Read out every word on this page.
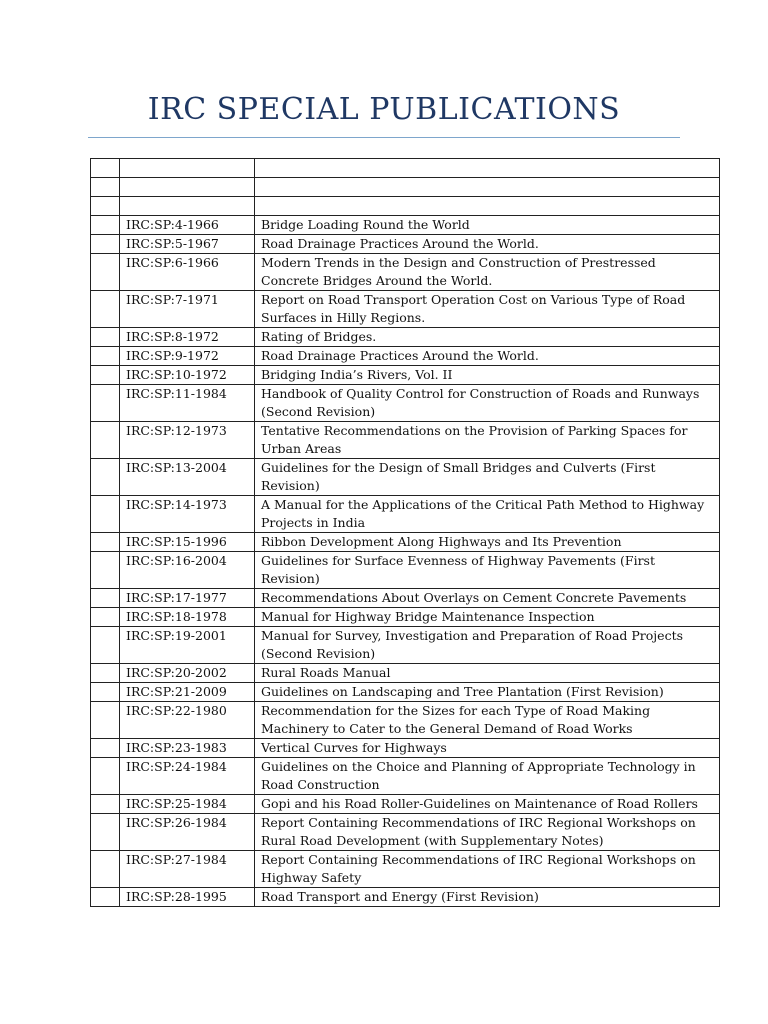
IRC SPECIAL PUBLICATIONS

	IRC:SP:4-1966	Bridge Loading Round the World
	IRC:SP:5-1967	Road Drainage Practices Around the World.
	IRC:SP:6-1966	Modern Trends in the Design and Construction of Prestressed Concrete Bridges Around the World.
	IRC:SP:7-1971	Report on Road Transport Operation Cost on Various Type of Road Surfaces in Hilly Regions.
	IRC:SP:8-1972	Rating of Bridges.
	IRC:SP:9-1972	Road Drainage Practices Around the World.
	IRC:SP:10-1972	Bridging India’s Rivers, Vol. II
	IRC:SP:11-1984	Handbook of Quality Control for Construction of Roads and Runways (Second Revision)
	IRC:SP:12-1973	Tentative Recommendations on the Provision of Parking Spaces for Urban Areas
	IRC:SP:13-2004	Guidelines for the Design of Small Bridges and Culverts (First Revision)
	IRC:SP:14-1973	A Manual for the Applications of the Critical Path Method to Highway Projects in India
	IRC:SP:15-1996	Ribbon Development Along Highways and Its Prevention
	IRC:SP:16-2004	Guidelines for Surface Evenness of Highway Pavements (First Revision)
	IRC:SP:17-1977	Recommendations About Overlays on Cement Concrete Pavements
	IRC:SP:18-1978	Manual for Highway Bridge Maintenance Inspection
	IRC:SP:19-2001	Manual for Survey, Investigation and Preparation of Road Projects (Second Revision)
	IRC:SP:20-2002	Rural Roads Manual
	IRC:SP:21-2009	Guidelines on Landscaping and Tree Plantation (First Revision)
	IRC:SP:22-1980	Recommendation for the Sizes for each Type of Road Making Machinery to Cater to the General Demand of Road Works
	IRC:SP:23-1983	Vertical Curves for Highways
	IRC:SP:24-1984	Guidelines on the Choice and Planning of Appropriate Technology in Road Construction
	IRC:SP:25-1984	Gopi and his Road Roller-Guidelines on Maintenance of Road Rollers
	IRC:SP:26-1984	Report Containing Recommendations of IRC Regional Workshops on Rural Road Development (with Supplementary Notes)
	IRC:SP:27-1984	Report Containing Recommendations of IRC Regional Workshops on Highway Safety
	IRC:SP:28-1995	Road Transport and Energy (First Revision)
